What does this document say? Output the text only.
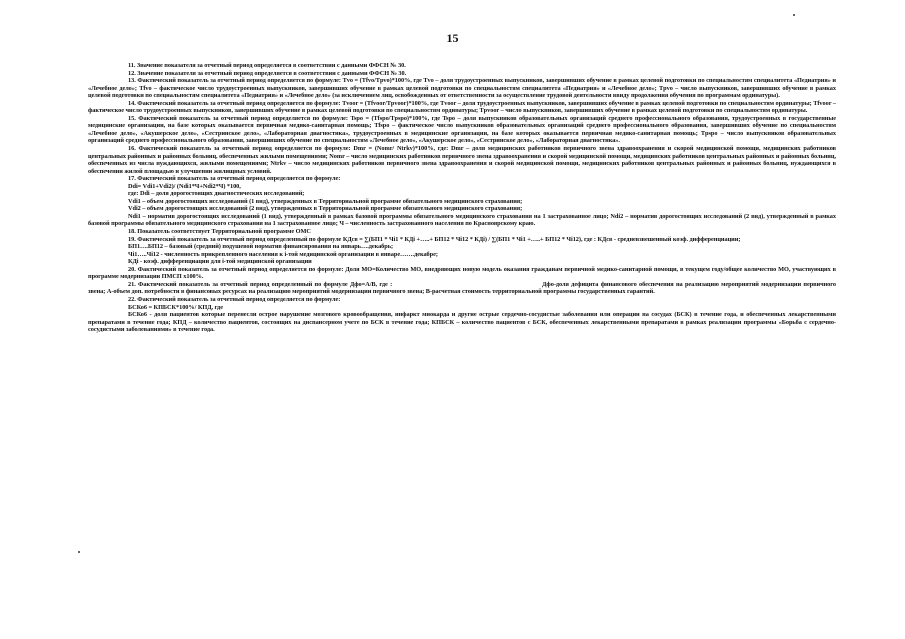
15

11. Значение показателя за отчетный период определяется в соответствии с данными ФФСН № 30.

12. Значение показателя за отчетный период определяется в соответствии с данными ФФСН № 30.

13. Фактический показатель за отчетный период определяется по формуле: Tvo = (Tfvo/Tpvo)*100%, где Tvo – доля трудоустроенных выпускников, завершивших обучение в рамках целевой подготовки по специальностям специалитета «Педиатрия» и «Лечебное дело»; Tfvo – фактическое число трудоустроенных выпускников, завершивших обучение в рамках целевой подготовки по специальностям специалитета «Педиатрия» и «Лечебное дело»; Tpvo – число выпускников, завершивших обучение в рамках целевой подготовки по специальностям специалитета «Педиатрия» и «Лечебное дело» (за исключением лиц, освобожденных от ответственности за осуществление трудовой деятельности ввиду продолжения обучения по программам ординатуры).

14. Фактический показатель за отчетный период определяется по формуле: Tvoor = (Tfvoor/Tpvoor)*100%, где Tvoor – доля трудоустроенных выпускников, завершивших обучение в рамках целевой подготовки по специальностям ординатуры; Tfvoor – фактическое число трудоустроенных выпускников, завершивших обучение в рамках целевой подготовки по специальностям ординатуры; Tpvoor – число выпускников, завершивших обучение в рамках целевой подготовки по специальностям ординатуры.

15. Фактический показатель за отчетный период определяется по формуле: Tspo = (Tfspo/Tpspo)*100%, где Tspo – доля выпускников образовательных организаций среднего профессионального образования, трудоустроенных в государственные медицинские организации, на базе которых оказывается первичная медико-санитарная помощь; Tfspo – фактическое число выпускников образовательных организаций среднего профессионального образования, завершивших обучение по специальностям «Лечебное дело», «Акушерское дело», «Сестринское дело», «Лабораторная диагностика», трудоустроенных в медицинские организации, на базе которых оказывается первичная медико-санитарная помощь; Tpspo – число выпускников образовательных организаций среднего профессионального образования, завершивших обучение по специальностям «Лечебное дело», «Акушерское дело», «Сестринское дело», «Лабораторная диагностика».

16. Фактический показатель за отчетный период определяется по формуле: Dmr = (Nomr/ Ntrkv)*100%, где: Dmr – доля медицинских работников первичного звена здравоохранения и скорой медицинской помощи, медицинских работников центральных районных и районных больниц, обеспеченных жилыми помещениями; Nomr – число медицинских работников первичного звена здравоохранения и скорой медицинской помощи, медицинских работников центральных районных и районных больниц, обеспеченных из числа нуждающихся, жилыми помещениями; Ntrkv – число медицинских работников первичного звена здравоохранения и скорой медицинской помощи, медицинских работников центральных районных и районных больниц, нуждающихся в обеспечении жилой площадью и улучшении жилищных условий.

17. Фактический показатель за отчетный период определяется по формуле:

Ddi= Vdi1+Vdi2)/ (Ndi1*Ч+Ndi2*Ч) *100,

где: Ddi – доля дорогостоящих диагностических исследований;

Vdi1 – объем дорогостоящих исследований (1 вид), утвержденных в Территориальной программе обязательного медицинского страхования;

Vdi2 – объем дорогостоящих исследований (2 вид), утвержденных в Территориальной программе обязательного медицинского страхования;

Ndi1 – норматив дорогостоящих исследований (1 вид), утвержденный в рамках базовой программы обязательного медицинского страхования на 1 застрахованное лицо; Ndi2 – норматив дорогостоящих исследований (2 вид), утвержденный в рамках базовой программы обязательного медицинского страхования на 1 застрахованное лицо; Ч – численность застрахованного населения по Красноярскому краю.

18. Показатель соответствует Территориальной программе ОМС

19. Фактический показатель за отчетный период определенный по формуле КДсв = ∑(БП1 * Чi1 * КДi +…..+ БП12 * Чi12 * КДi) / ∑(БП1 * Чi1 +…..+ БП12 * Чi12), где : КДсв - средневзвешенный коэф. дифференциации;

БП1….БП12 – базовый (средний) подушевой норматив финансирования на январь….декабрь;

Чi1…..Чi12 - численность прикрепленного населения к i-той медицинской организации в январе…….декабре;

КДi - коэф. дифференциации для i-той медицинской организации

20. Фактический показатель за отчетный период определяется по формуле: Доля МО=Количество МО, внедряющих новую модель оказания гражданам первичной медико-санитарной помощи, в текущем году/общее количество МО, участвующих в программе модернизации ПМСП х100%.

21. Фактический показатель за отчетный период определенный по формуле Дфо=А/В, где :	Дфо-доля дефицита финансового обеспечения на реализацию мероприятий модернизации первичного звена; А-объем доп. потребности в финансовых ресурсах на реализацию мероприятий модернизации первичного звена; В-расчетная стоимость территориальной программы государственных гарантий.

22. Фактический показатель за отчетный период определяется по формуле:

БСКо6 = КПБСК*100%/ КПД, где

БСКо6 - доля пациентов которые перенесли острое нарушение мозгового кровообращения, инфаркт миокарда и другие острые сердечно-сосудистые заболевания или операции на сосудах (БСК) в течение года, и обеспеченных лекарственными препаратами в течение года; КПД – количество пациентов, состоящих на диспансерном учете по БСК в течение года; КПБСК – количество пациентов с БСК, обеспеченных лекарственными препаратами в рамках реализации программы «Борьба с сердечно-сосудистыми заболеваниями» в течение года.
